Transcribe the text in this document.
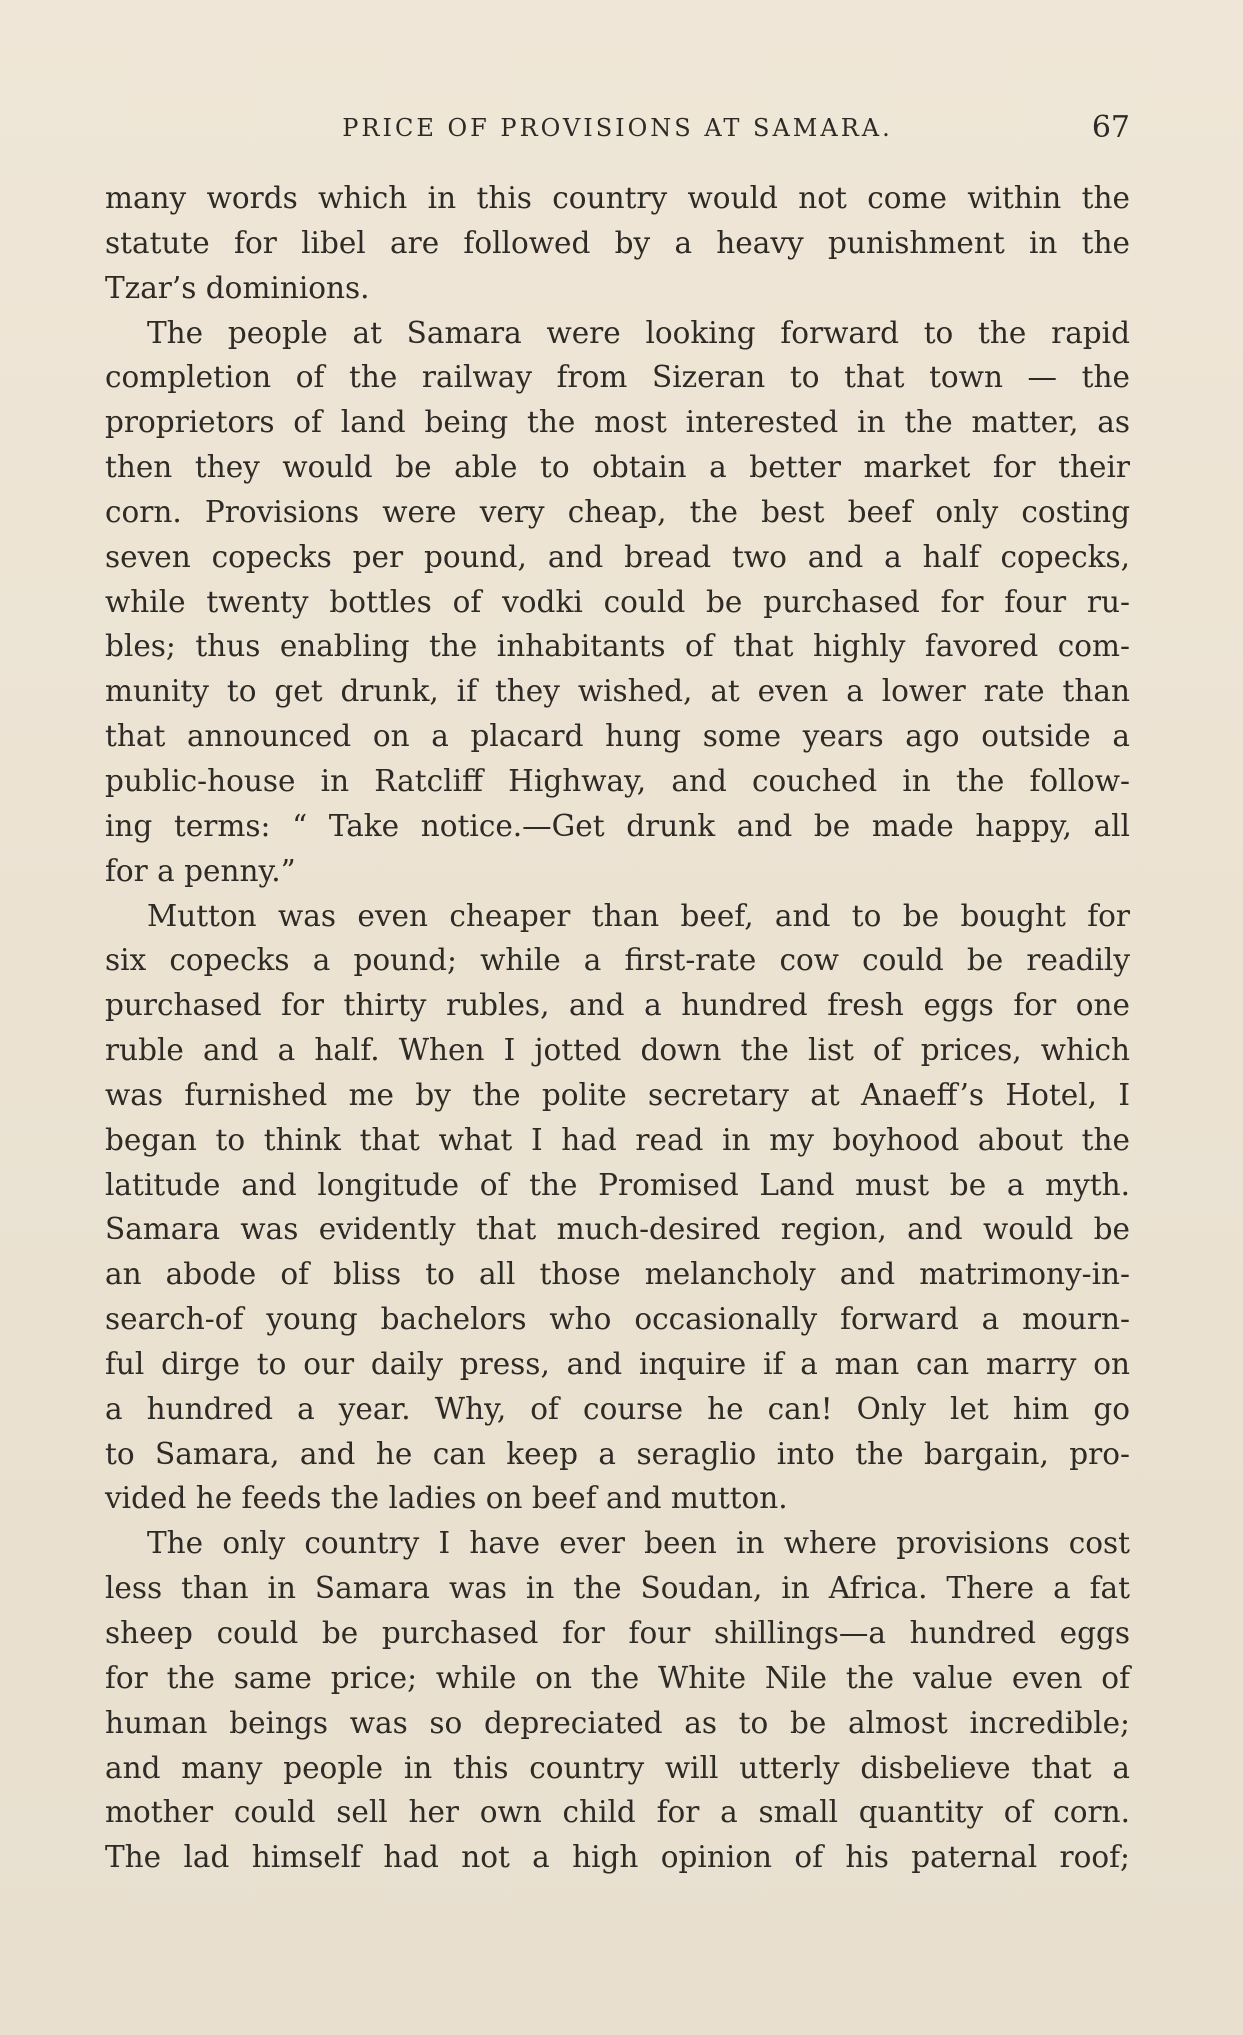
PRICE OF PROVISIONS AT SAMARA.	67
many words which in this country would not come within the
statute for libel are followed by a heavy punishment in the
Tzar’s dominions.
The people at Samara were looking forward to the rapid
completion of the railway from Sizeran to that town — the
proprietors of land being the most interested in the matter, as
then they would be able to obtain a better market for their
corn. Provisions were very cheap, the best beef only costing
seven copecks per pound, and bread two and a half copecks,
while twenty bottles of vodki could be purchased for four ru-
bles; thus enabling the inhabitants of that highly favored com-
munity to get drunk, if they wished, at even a lower rate than
that announced on a placard hung some years ago outside a
public-house in Ratcliff Highway, and couched in the follow-
ing terms: “ Take notice.—Get drunk and be made happy, all
for a penny.”
Mutton was even cheaper than beef, and to be bought for
six copecks a pound; while a first-rate cow could be readily
purchased for thirty rubles, and a hundred fresh eggs for one
ruble and a half. When I jotted down the list of prices, which
was furnished me by the polite secretary at Anaeff’s Hotel, I
began to think that what I had read in my boyhood about the
latitude and longitude of the Promised Land must be a myth.
Samara was evidently that much-desired region, and would be
an abode of bliss to all those melancholy and matrimony-in-
search-of young bachelors who occasionally forward a mourn-
ful dirge to our daily press, and inquire if a man can marry on
a hundred a year. Why, of course he can! Only let him go
to Samara, and he can keep a seraglio into the bargain, pro-
vided he feeds the ladies on beef and mutton.
The only country I have ever been in where provisions cost
less than in Samara was in the Soudan, in Africa. There a fat
sheep could be purchased for four shillings—a hundred eggs
for the same price; while on the White Nile the value even of
human beings was so depreciated as to be almost incredible;
and many people in this country will utterly disbelieve that a
mother could sell her own child for a small quantity of corn.
The lad himself had not a high opinion of his paternal roof;
